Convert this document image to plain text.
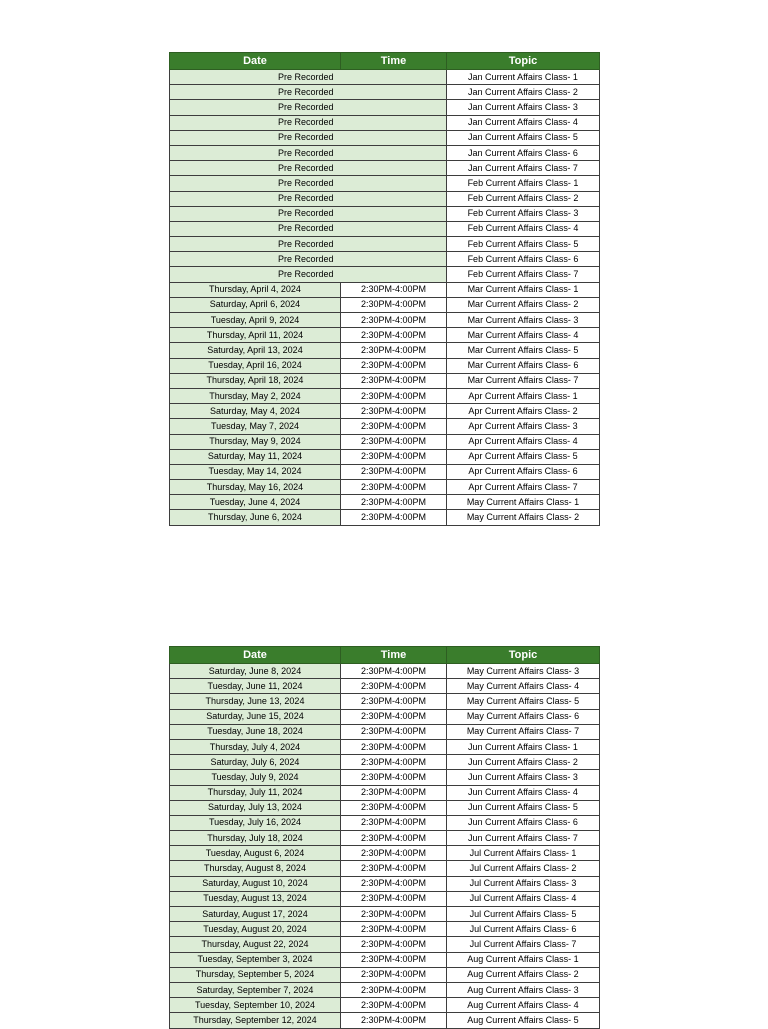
Date	Time	Topic
Pre Recorded		Jan Current Affairs Class- 1
Pre Recorded		Jan Current Affairs Class- 2
Pre Recorded		Jan Current Affairs Class- 3
Pre Recorded		Jan Current Affairs Class- 4
Pre Recorded		Jan Current Affairs Class- 5
Pre Recorded		Jan Current Affairs Class- 6
Pre Recorded		Jan Current Affairs Class- 7
Pre Recorded		Feb Current Affairs Class- 1
Pre Recorded		Feb Current Affairs Class- 2
Pre Recorded		Feb Current Affairs Class- 3
Pre Recorded		Feb Current Affairs Class- 4
Pre Recorded		Feb Current Affairs Class- 5
Pre Recorded		Feb Current Affairs Class- 6
Pre Recorded		Feb Current Affairs Class- 7
Thursday, April 4, 2024	2:30PM-4:00PM	Mar Current Affairs Class- 1
Saturday, April 6, 2024	2:30PM-4:00PM	Mar Current Affairs Class- 2
Tuesday, April 9, 2024	2:30PM-4:00PM	Mar Current Affairs Class- 3
Thursday, April 11, 2024	2:30PM-4:00PM	Mar Current Affairs Class- 4
Saturday, April 13, 2024	2:30PM-4:00PM	Mar Current Affairs Class- 5
Tuesday, April 16, 2024	2:30PM-4:00PM	Mar Current Affairs Class- 6
Thursday, April 18, 2024	2:30PM-4:00PM	Mar Current Affairs Class- 7
Thursday, May 2, 2024	2:30PM-4:00PM	Apr Current Affairs Class- 1
Saturday, May 4, 2024	2:30PM-4:00PM	Apr Current Affairs Class- 2
Tuesday, May 7, 2024	2:30PM-4:00PM	Apr Current Affairs Class- 3
Thursday, May 9, 2024	2:30PM-4:00PM	Apr Current Affairs Class- 4
Saturday, May 11, 2024	2:30PM-4:00PM	Apr Current Affairs Class- 5
Tuesday, May 14, 2024	2:30PM-4:00PM	Apr Current Affairs Class- 6
Thursday, May 16, 2024	2:30PM-4:00PM	Apr Current Affairs Class- 7
Tuesday, June 4, 2024	2:30PM-4:00PM	May Current Affairs Class- 1
Thursday, June 6, 2024	2:30PM-4:00PM	May Current Affairs Class- 2
Date	Time	Topic
Saturday, June 8, 2024	2:30PM-4:00PM	May Current Affairs Class- 3
Tuesday, June 11, 2024	2:30PM-4:00PM	May Current Affairs Class- 4
Thursday, June 13, 2024	2:30PM-4:00PM	May Current Affairs Class- 5
Saturday, June 15, 2024	2:30PM-4:00PM	May Current Affairs Class- 6
Tuesday, June 18, 2024	2:30PM-4:00PM	May Current Affairs Class- 7
Thursday, July 4, 2024	2:30PM-4:00PM	Jun Current Affairs Class- 1
Saturday, July 6, 2024	2:30PM-4:00PM	Jun Current Affairs Class- 2
Tuesday, July 9, 2024	2:30PM-4:00PM	Jun Current Affairs Class- 3
Thursday, July 11, 2024	2:30PM-4:00PM	Jun Current Affairs Class- 4
Saturday, July 13, 2024	2:30PM-4:00PM	Jun Current Affairs Class- 5
Tuesday, July 16, 2024	2:30PM-4:00PM	Jun Current Affairs Class- 6
Thursday, July 18, 2024	2:30PM-4:00PM	Jun Current Affairs Class- 7
Tuesday, August 6, 2024	2:30PM-4:00PM	Jul Current Affairs Class- 1
Thursday, August 8, 2024	2:30PM-4:00PM	Jul Current Affairs Class- 2
Saturday, August 10, 2024	2:30PM-4:00PM	Jul Current Affairs Class- 3
Tuesday, August 13, 2024	2:30PM-4:00PM	Jul Current Affairs Class- 4
Saturday, August 17, 2024	2:30PM-4:00PM	Jul Current Affairs Class- 5
Tuesday, August 20, 2024	2:30PM-4:00PM	Jul Current Affairs Class- 6
Thursday, August 22, 2024	2:30PM-4:00PM	Jul Current Affairs Class- 7
Tuesday, September 3, 2024	2:30PM-4:00PM	Aug Current Affairs Class- 1
Thursday, September 5, 2024	2:30PM-4:00PM	Aug Current Affairs Class- 2
Saturday, September 7, 2024	2:30PM-4:00PM	Aug Current Affairs Class- 3
Tuesday, September 10, 2024	2:30PM-4:00PM	Aug Current Affairs Class- 4
Thursday, September 12, 2024	2:30PM-4:00PM	Aug Current Affairs Class- 5
